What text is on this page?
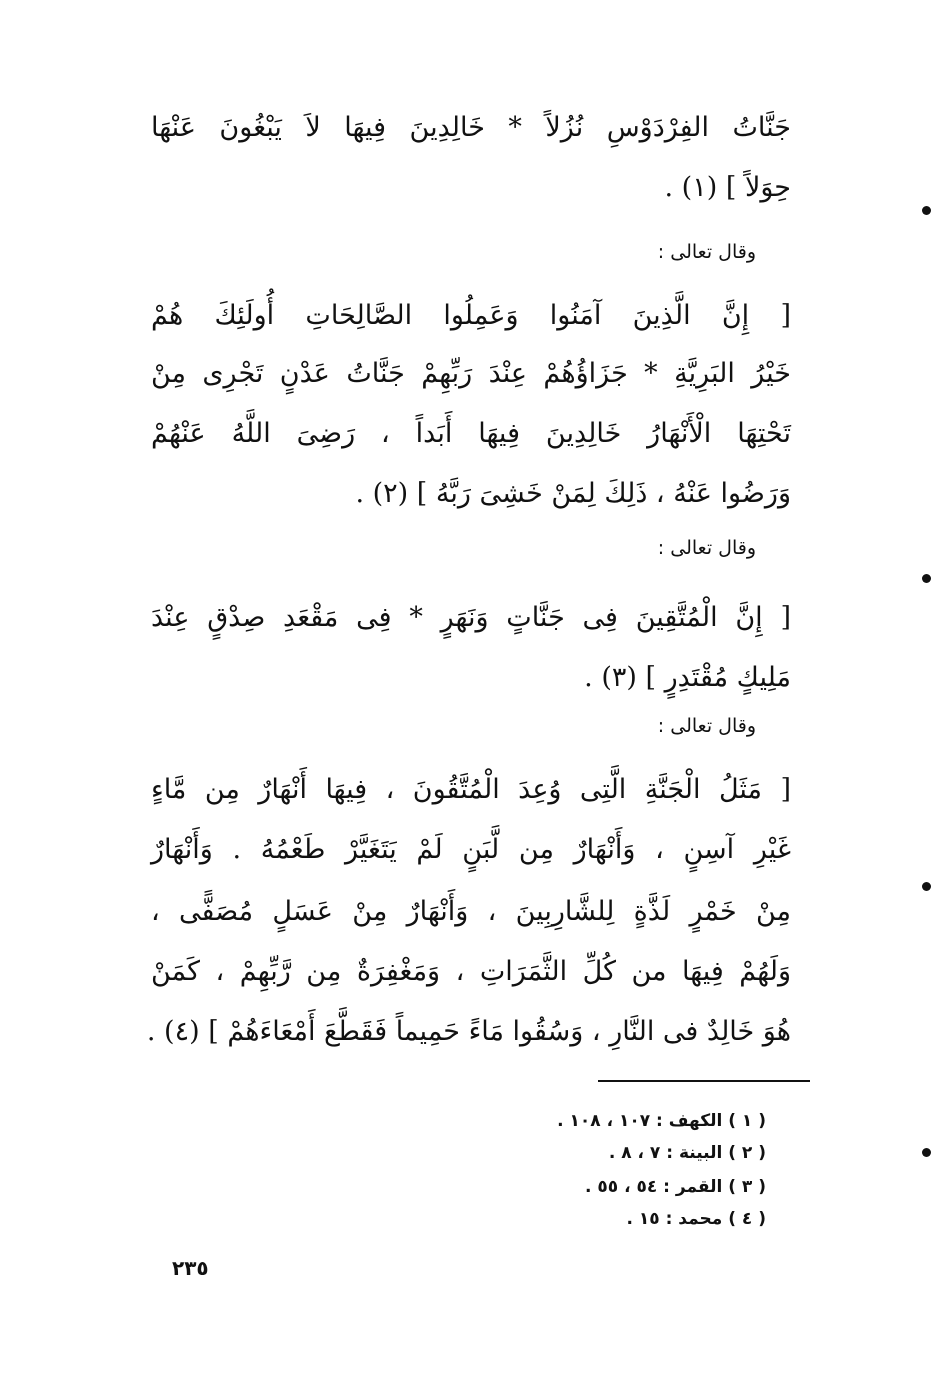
جَنَّاتُ الفِرْدَوْسِ نُزُلاً * خَالِدِينَ فِيهَا لاَ يَبْغُونَ عَنْهَا
حِوَلاً ] (١) .
وقال تعالى :
[ إِنَّ الَّذِينَ آمَنُوا وَعَمِلُوا الصَّالِحَاتِ أُولَئِكَ هُمْ
خَيْرُ البَرِيَّةِ * جَزَاؤُهُمْ عِنْدَ رَبِّهِمْ جَنَّاتُ عَدْنٍ تَجْرِى مِنْ
تَحْتِهَا الْأَنْهَارُ خَالِدِينَ فِيهَا أَبَداً ، رَضِىَ اللَّهُ عَنْهُمْ
وَرَضُوا عَنْهُ ، ذَلِكَ لِمَنْ خَشِىَ رَبَّهُ ] (٢) .
وقال تعالى :
[ إِنَّ الْمُتَّقِينَ فِى جَنَّاتٍ وَنَهَرٍ * فِى مَقْعَدِ صِدْقٍ عِنْدَ
مَلِيكٍ مُقْتَدِرٍ ] (٣) .
وقال تعالى :
[ مَثَلُ الْجَنَّةِ الَّتِى وُعِدَ الْمُتَّقُونَ ، فِيهَا أَنْهَارٌ مِن مَّاءٍ
غَيْرِ آسِنٍ ، وَأَنْهَارٌ مِن لَّبَنٍ لَمْ يَتَغَيَّرْ طَعْمُهُ . وَأَنْهَارٌ
مِنْ خَمْرٍ لَذَّةٍ لِلشَّارِبِينَ ، وَأَنْهَارٌ مِنْ عَسَلٍ مُصَفًّى ،
وَلَهُمْ فِيهَا من كُلِّ الثَّمَرَاتِ ، وَمَغْفِرَةٌ مِن رَّبِّهِمْ ، كَمَنْ
هُوَ خَالِدٌ فى النَّارِ ، وَسُقُوا مَاءً حَمِيماً فَقَطَّعَ أَمْعَاءَهُمْ ] (٤) .
( ١ ) الكهف : ١٠٧ ، ١٠٨ .
( ٢ ) البينة : ٧ ، ٨ .
( ٣ ) القمر : ٥٤ ، ٥٥ .
( ٤ ) محمد : ١٥ .
٢٣٥
